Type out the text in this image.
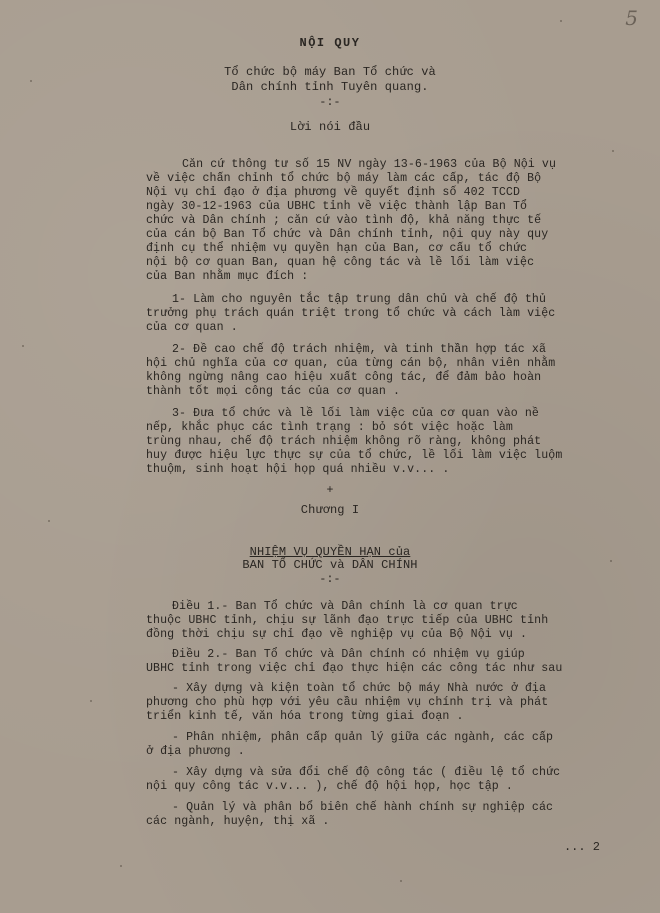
5
NỘI QUY
Tổ chức bộ máy Ban Tổ chức và
Dân chính tỉnh Tuyên quang.
-:-
Lời nói đầu
Căn cứ thông tư số 15 NV ngày 13-6-1963 của Bộ Nội vụ
về việc chấn chỉnh tổ chức bộ máy làm các cấp, tác độ Bộ
Nội vụ chỉ đạo ở địa phương về quyết định số 402 TCCD
ngày 30-12-1963 của UBHC tỉnh về việc thành lập Ban Tổ
chức và Dân chính ; căn cứ vào tình độ, khả năng thực tế
của cán bộ Ban Tổ chức và Dân chính tỉnh, nội quy này quy
định cụ thể nhiệm vụ quyền hạn của Ban, cơ cấu tổ chức
nội bộ cơ quan Ban, quan hệ công tác và lề lối làm việc
của Ban nhằm mục đích :
1- Làm cho nguyên tắc tập trung dân chủ và chế độ thủ
trưởng phụ trách quán triệt trong tổ chức và cách làm việc
của cơ quan .
2- Đề cao chế độ trách nhiệm, và tinh thần hợp tác xã
hội chủ nghĩa của cơ quan, của từng cán bộ, nhân viên nhằm
không ngừng nâng cao hiệu xuất công tác, để đảm bảo hoàn
thành tốt mọi công tác của cơ quan .
3- Đưa tổ chức và lề lối làm việc của cơ quan vào nề
nếp, khắc phục các tình trạng : bỏ sót việc hoặc làm
trùng nhau, chế độ trách nhiệm không rõ ràng, không phát
huy được hiệu lực thực sự của tổ chức, lề lối làm việc luộm
thuộm, sinh hoạt hội họp quá nhiều v.v... .
+
Chương I
NHIỆM VỤ QUYỀN HẠN của
BAN TỔ CHỨC và DÂN CHÍNH
-:-
Điều 1.- Ban Tổ chức và Dân chính là cơ quan trực
thuộc UBHC tỉnh, chịu sự lãnh đạo trực tiếp của UBHC tỉnh
đồng thời chịu sự chỉ đạo về nghiệp vụ của Bộ Nội vụ .
Điều 2.- Ban Tổ chức và Dân chính có nhiệm vụ giúp
UBHC tỉnh trong việc chỉ đạo thực hiện các công tác như sau
- Xây dựng và kiện toàn tổ chức bộ máy Nhà nước ở địa
phương cho phù hợp với yêu cầu nhiệm vụ chính trị và phát
triển kinh tế, văn hóa trong từng giai đoạn .
- Phân nhiệm, phân cấp quản lý giữa các ngành, các cấp
ở địa phương .
- Xây dựng và sửa đổi chế độ công tác ( điều lệ tổ chức
nội quy công tác v.v... ), chế độ hội họp, học tập .
- Quản lý và phân bổ biên chế hành chính sự nghiệp các
các ngành, huyện, thị xã .
... 2
